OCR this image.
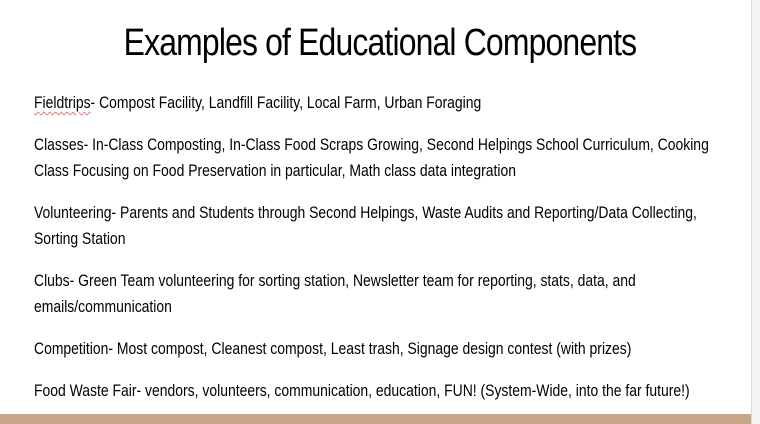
Examples of Educational Components

Fieldtrips- Compost Facility, Landfill Facility, Local Farm, Urban Foraging

Classes- In-Class Composting, In-Class Food Scraps Growing, Second Helpings School Curriculum, Cooking Class Focusing on Food Preservation in particular, Math class data integration

Volunteering- Parents and Students through Second Helpings, Waste Audits and Reporting/Data Collecting, Sorting Station

Clubs- Green Team volunteering for sorting station, Newsletter team for reporting, stats, data, and emails/communication

Competition- Most compost, Cleanest compost, Least trash, Signage design contest (with prizes)

Food Waste Fair- vendors, volunteers, communication, education, FUN! (System-Wide, into the far future!)
